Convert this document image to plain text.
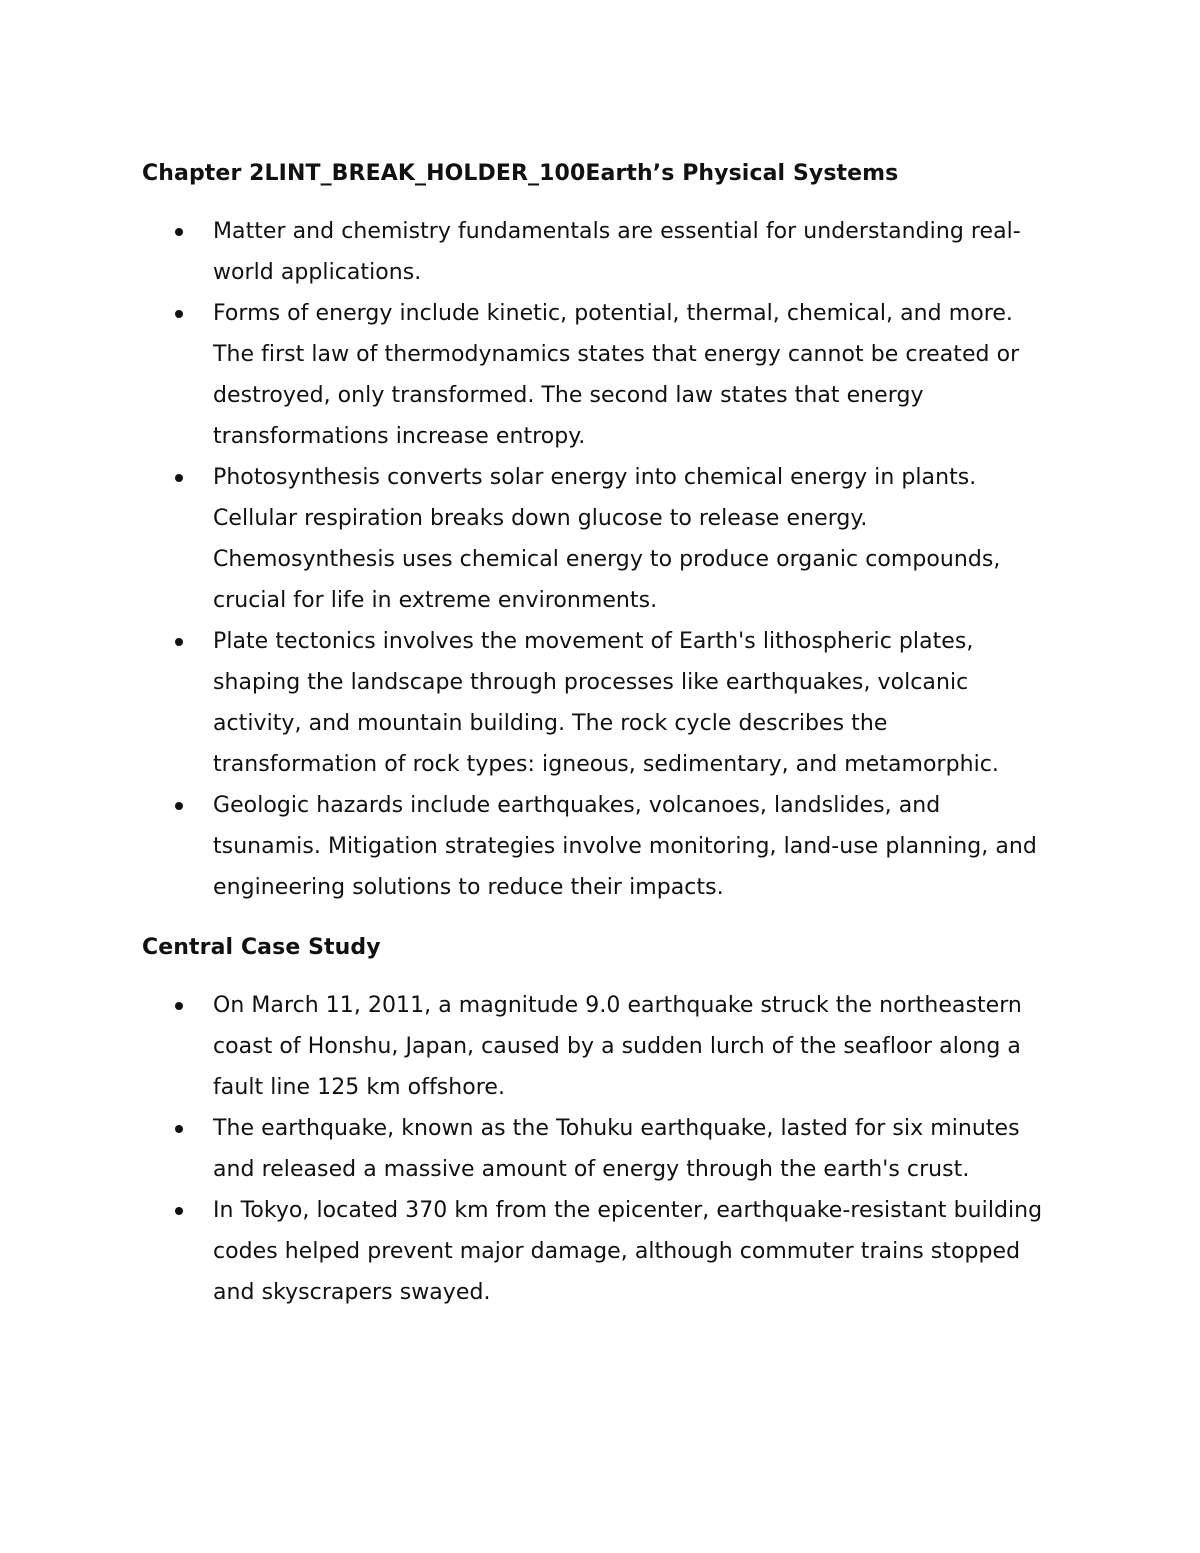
Chapter 2LINT_BREAK_HOLDER_100Earth’s Physical Systems
Matter and chemistry fundamentals are essential for understanding real-world applications.
Forms of energy include kinetic, potential, thermal, chemical, and more. The first law of thermodynamics states that energy cannot be created or destroyed, only transformed. The second law states that energy transformations increase entropy.
Photosynthesis converts solar energy into chemical energy in plants. Cellular respiration breaks down glucose to release energy. Chemosynthesis uses chemical energy to produce organic compounds, crucial for life in extreme environments.
Plate tectonics involves the movement of Earth's lithospheric plates, shaping the landscape through processes like earthquakes, volcanic activity, and mountain building. The rock cycle describes the transformation of rock types: igneous, sedimentary, and metamorphic.
Geologic hazards include earthquakes, volcanoes, landslides, and tsunamis. Mitigation strategies involve monitoring, land-use planning, and engineering solutions to reduce their impacts.
Central Case Study
On March 11, 2011, a magnitude 9.0 earthquake struck the northeastern coast of Honshu, Japan, caused by a sudden lurch of the seafloor along a fault line 125 km offshore.
The earthquake, known as the Tohuku earthquake, lasted for six minutes and released a massive amount of energy through the earth's crust.
In Tokyo, located 370 km from the epicenter, earthquake-resistant building codes helped prevent major damage, although commuter trains stopped and skyscrapers swayed.
